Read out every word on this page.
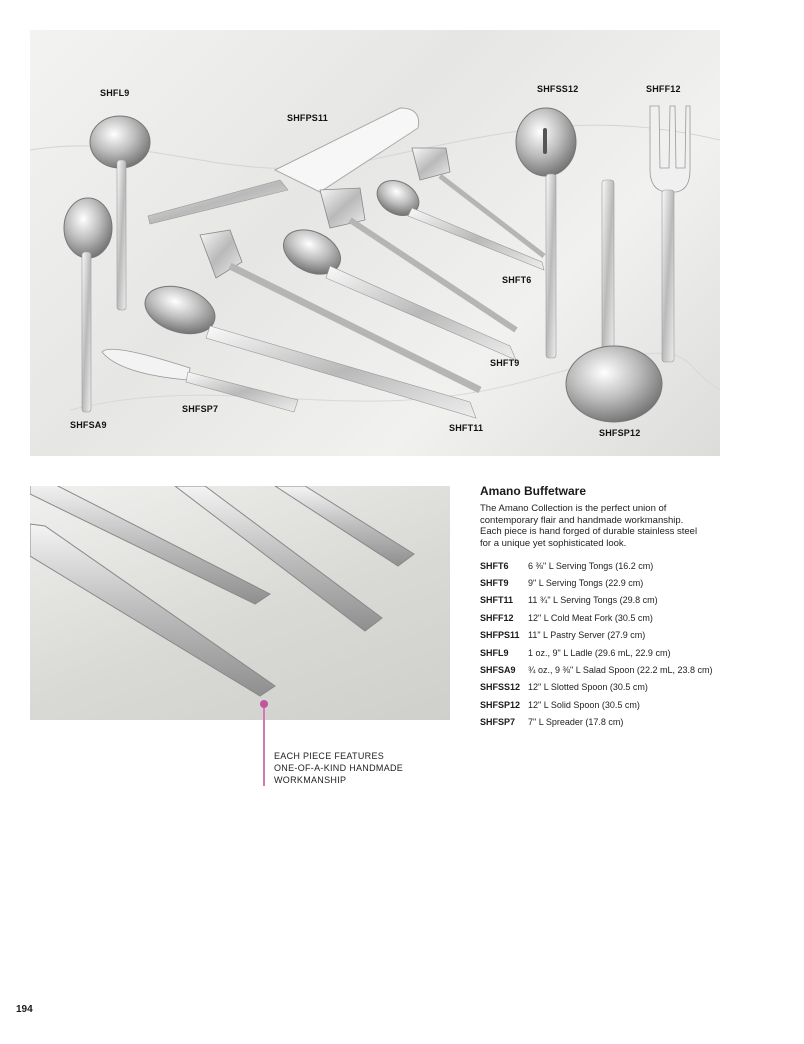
SHFL9
SHFPS11
SHFSS12	SHFF12
SHFT6
SHFT9
SHFSP7
SHFSA9	SHFT11	SHFSP12
EACH PIECE FEATURES
ONE-OF-A-KIND HANDMADE
WORKMANSHIP
Amano Buffetware
The Amano Collection is the perfect union of
contemporary flair and handmade workmanship.
Each piece is hand forged of durable stainless steel
for a unique yet sophisticated look.
SHFT6	6 ⅜" L Serving Tongs (16.2 cm)
SHFT9	9" L Serving Tongs (22.9 cm)
SHFT11	11 ¾" L Serving Tongs (29.8 cm)
SHFF12	12" L Cold Meat Fork (30.5 cm)
SHFPS11 11" L Pastry Server (27.9 cm)
SHFL9	1 oz., 9" L Ladle (29.6 mL, 22.9 cm)
SHFSA9	¾ oz., 9 ⅜" L Salad Spoon (22.2 mL, 23.8 cm)
SHFSS12 12" L Slotted Spoon (30.5 cm)
SHFSP12 12" L Solid Spoon (30.5 cm)
SHFSP7	7" L Spreader (17.8 cm)
194
